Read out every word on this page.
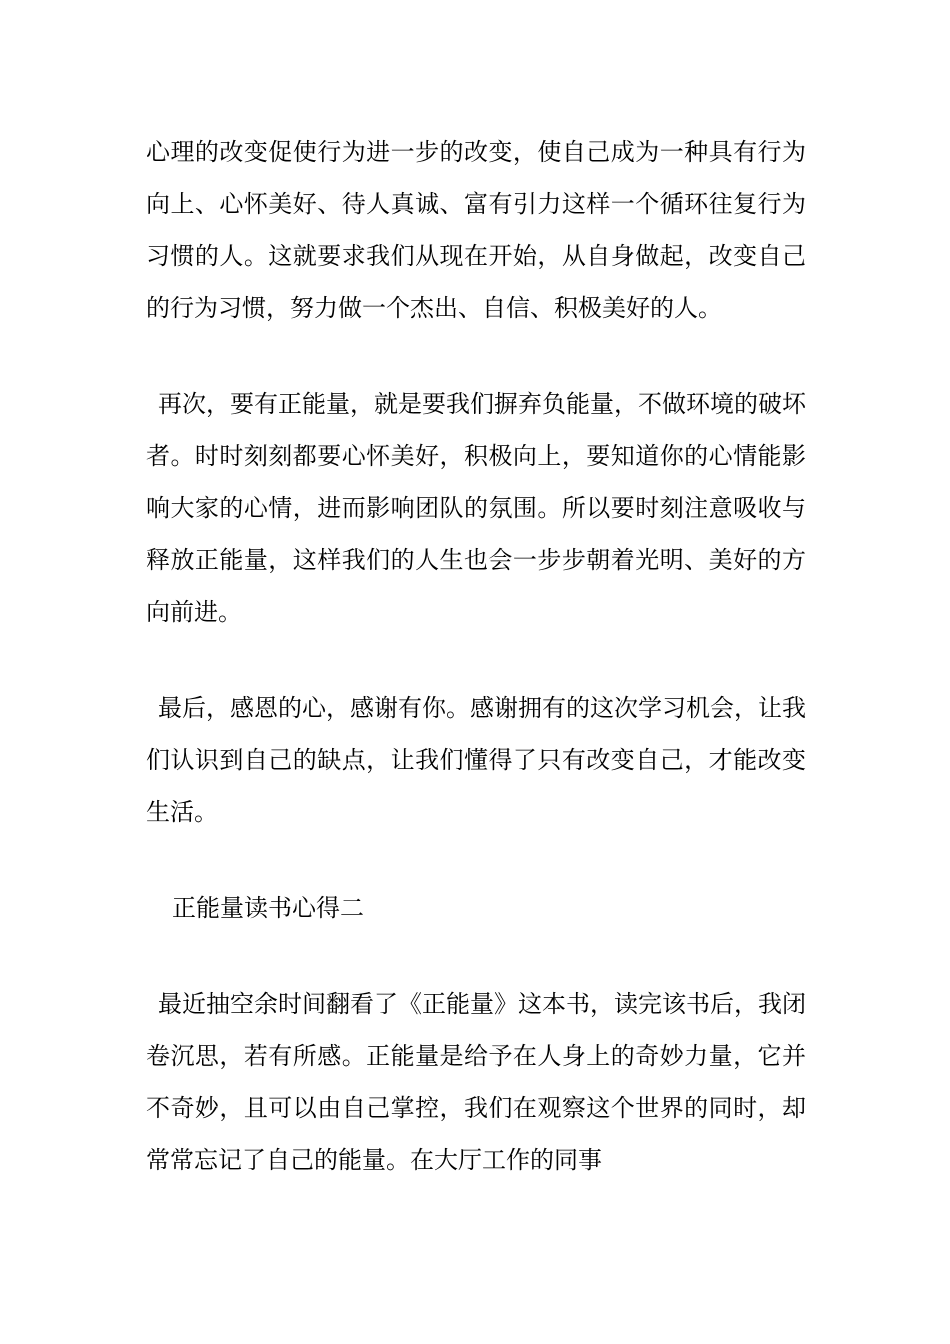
心理的改变促使行为进一步的改变，使自己成为一种具有行为向上、心怀美好、待人真诚、富有引力这样一个循环往复行为习惯的人。这就要求我们从现在开始，从自身做起，改变自己的行为习惯，努力做一个杰出、自信、积极美好的人。

再次，要有正能量，就是要我们摒弃负能量，不做环境的破坏者。时时刻刻都要心怀美好，积极向上，要知道你的心情能影响大家的心情，进而影响团队的氛围。所以要时刻注意吸收与释放正能量，这样我们的人生也会一步步朝着光明、美好的方向前进。

最后，感恩的心，感谢有你。感谢拥有的这次学习机会，让我们认识到自己的缺点，让我们懂得了只有改变自己，才能改变生活。

正能量读书心得二

最近抽空余时间翻看了《正能量》这本书，读完该书后，我闭卷沉思，若有所感。正能量是给予在人身上的奇妙力量，它并不奇妙，且可以由自己掌控，我们在观察这个世界的同时，却常常忘记了自己的能量。在大厅工作的同事
